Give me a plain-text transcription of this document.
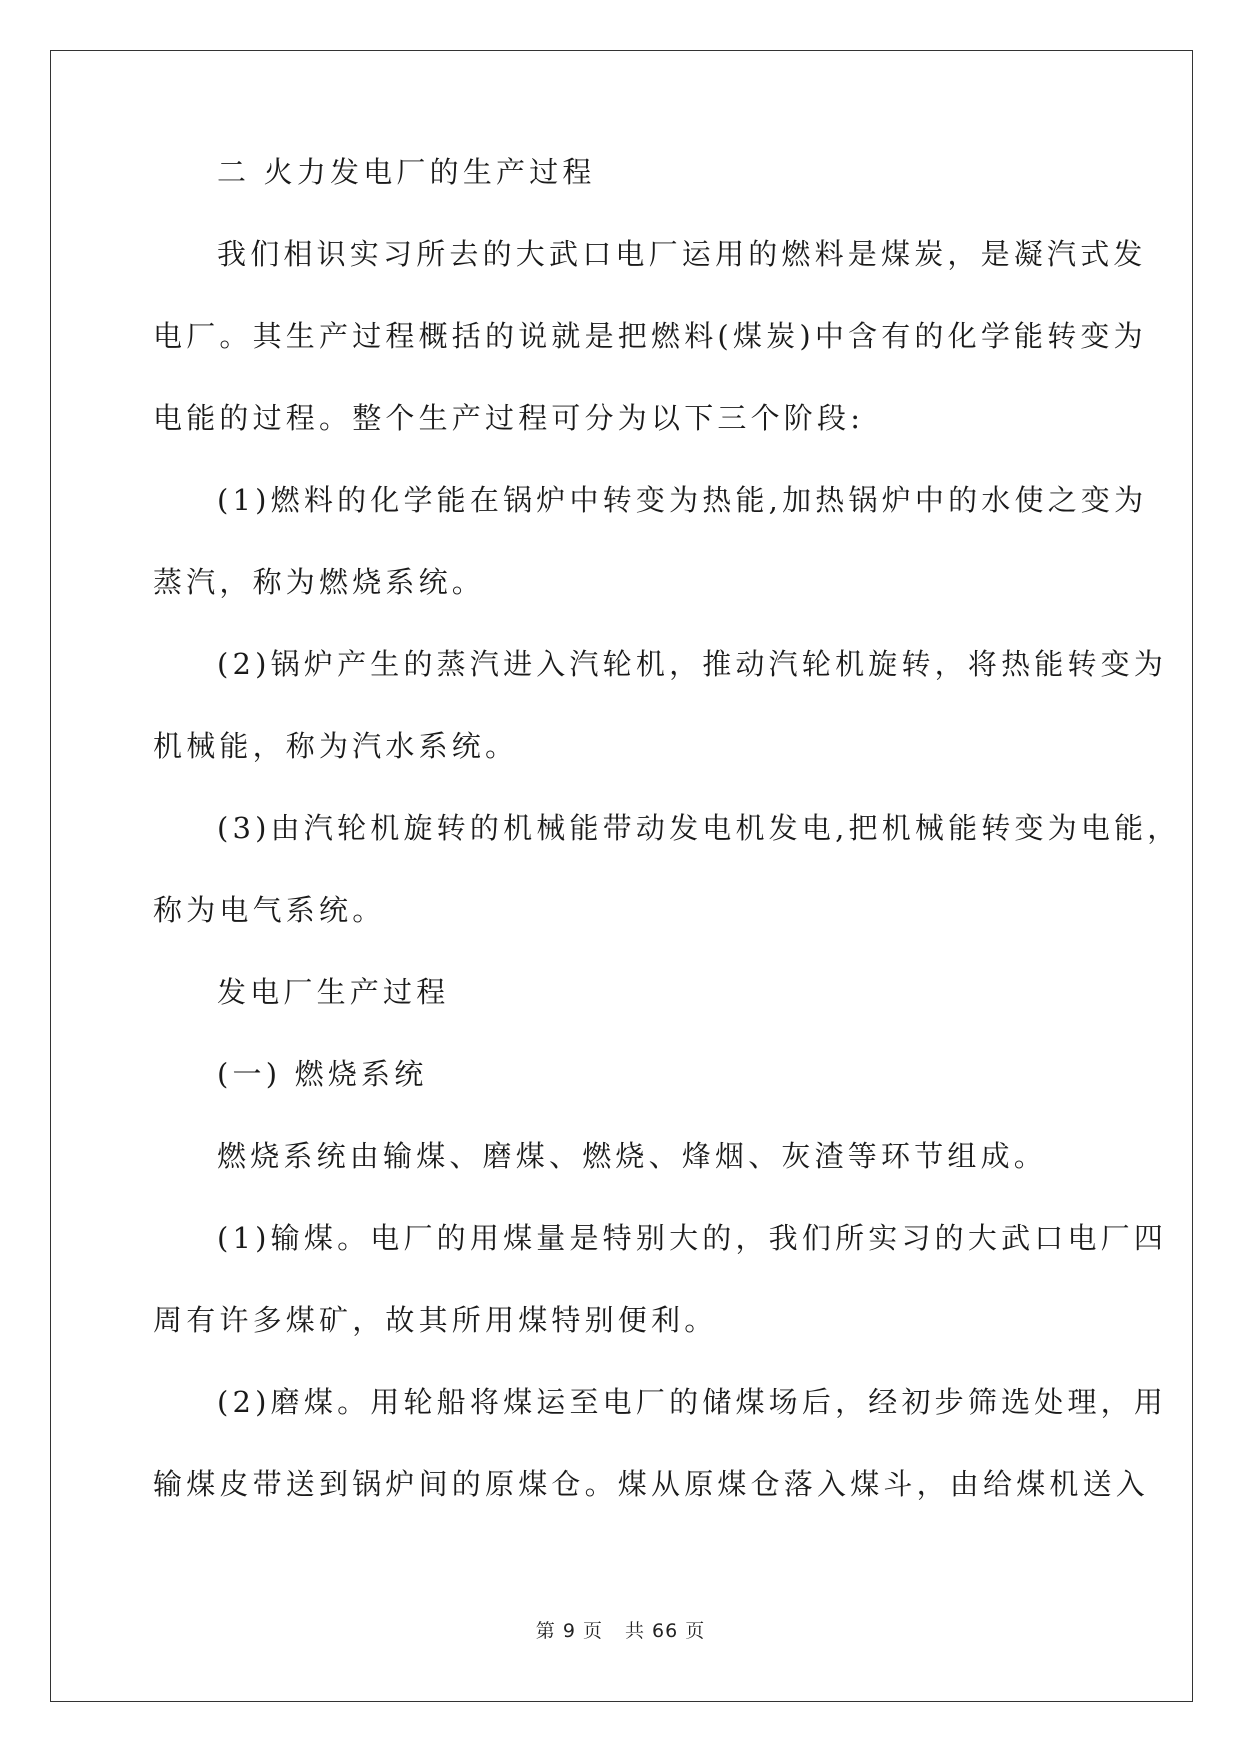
二 火力发电厂的生产过程
我们相识实习所去的大武口电厂运用的燃料是煤炭，是凝汽式发
电厂。其生产过程概括的说就是把燃料(煤炭)中含有的化学能转变为
电能的过程。整个生产过程可分为以下三个阶段:
(1)燃料的化学能在锅炉中转变为热能,加热锅炉中的水使之变为
蒸汽，称为燃烧系统。
(2)锅炉产生的蒸汽进入汽轮机，推动汽轮机旋转，将热能转变为
机械能，称为汽水系统。
(3)由汽轮机旋转的机械能带动发电机发电,把机械能转变为电能，
称为电气系统。
发电厂生产过程
(一) 燃烧系统
燃烧系统由输煤、磨煤、燃烧、烽烟、灰渣等环节组成。
(1)输煤。电厂的用煤量是特别大的，我们所实习的大武口电厂四
周有许多煤矿，故其所用煤特别便利。
(2)磨煤。用轮船将煤运至电厂的储煤场后，经初步筛选处理，用
输煤皮带送到锅炉间的原煤仓。煤从原煤仓落入煤斗，由给煤机送入
第 9 页 共 66 页
